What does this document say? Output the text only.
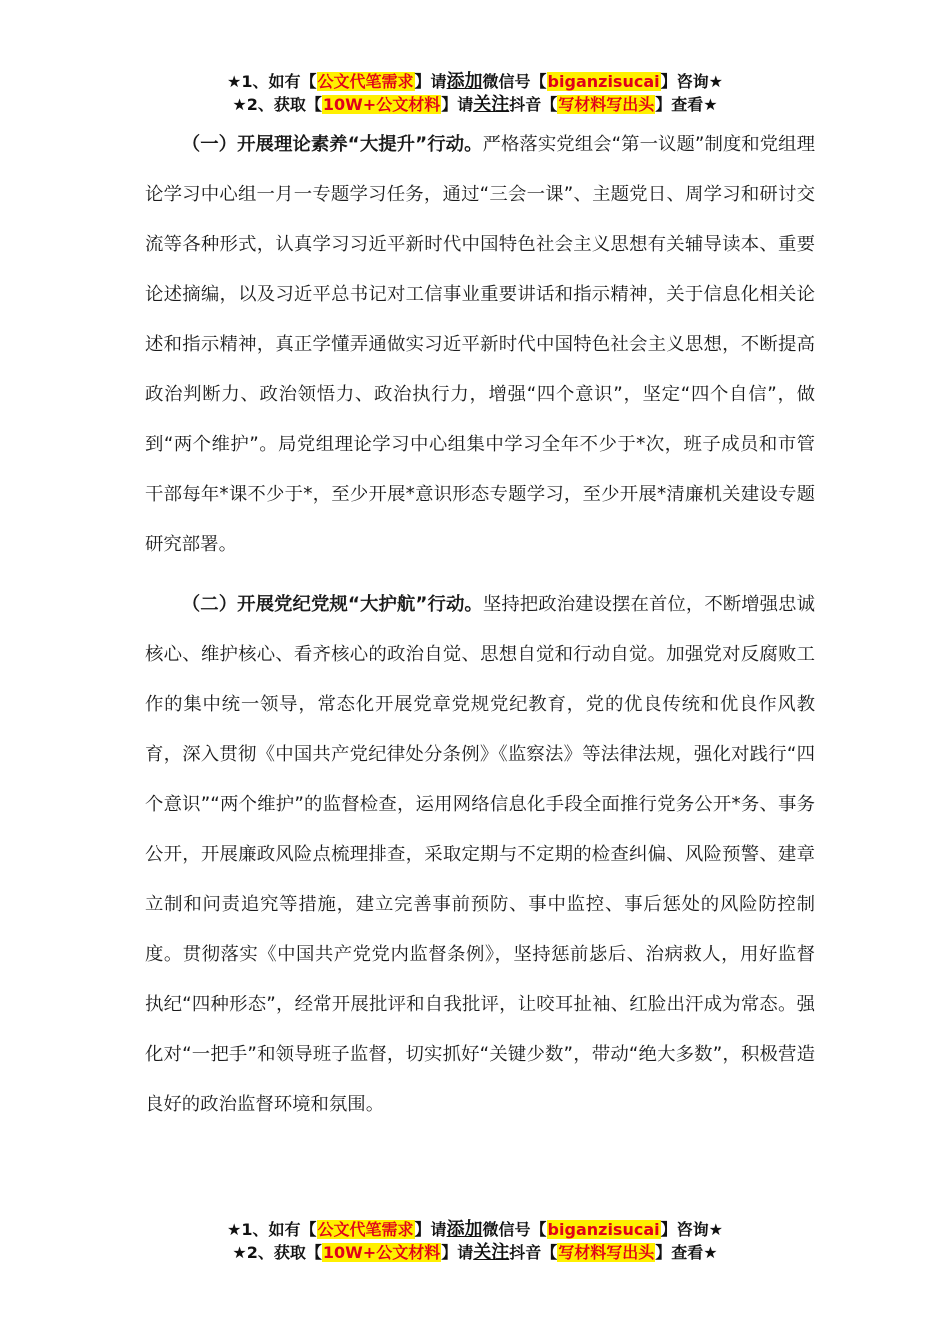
★1、如有【公文代笔需求】请添加微信号【biganzisucai】咨询★
★2、获取【10W+公文材料】请关注抖音【写材料写出头】查看★

（一）开展理论素养“大提升”行动。严格落实党组会“第一议题”制度和党组理论学习中心组一月一专题学习任务，通过“三会一课”、主题党日、周学习和研讨交流等各种形式，认真学习习近平新时代中国特色社会主义思想有关辅导读本、重要论述摘编，以及习近平总书记对工信事业重要讲话和指示精神，关于信息化相关论述和指示精神，真正学懂弄通做实习近平新时代中国特色社会主义思想，不断提高政治判断力、政治领悟力、政治执行力，增强“四个意识”，坚定“四个自信”，做到“两个维护”。局党组理论学习中心组集中学习全年不少于*次，班子成员和市管干部每年*课不少于*，至少开展*意识形态专题学习，至少开展*清廉机关建设专题研究部署。

（二）开展党纪党规“大护航”行动。坚持把政治建设摆在首位，不断增强忠诚核心、维护核心、看齐核心的政治自觉、思想自觉和行动自觉。加强党对反腐败工作的集中统一领导，常态化开展党章党规党纪教育，党的优良传统和优良作风教育，深入贯彻《中国共产党纪律处分条例》《监察法》等法律法规，强化对践行“四个意识”“两个维护”的监督检查，运用网络信息化手段全面推行党务公开*务、事务公开，开展廉政风险点梳理排查，采取定期与不定期的检查纠偏、风险预警、建章立制和问责追究等措施，建立完善事前预防、事中监控、事后惩处的风险防控制度。贯彻落实《中国共产党党内监督条例》，坚持惩前毖后、治病救人，用好监督执纪“四种形态”，经常开展批评和自我批评，让咬耳扯袖、红脸出汗成为常态。强化对“一把手”和领导班子监督，切实抓好“关键少数”，带动“绝大多数”，积极营造良好的政治监督环境和氛围。

★1、如有【公文代笔需求】请添加微信号【biganzisucai】咨询★
★2、获取【10W+公文材料】请关注抖音【写材料写出头】查看★
